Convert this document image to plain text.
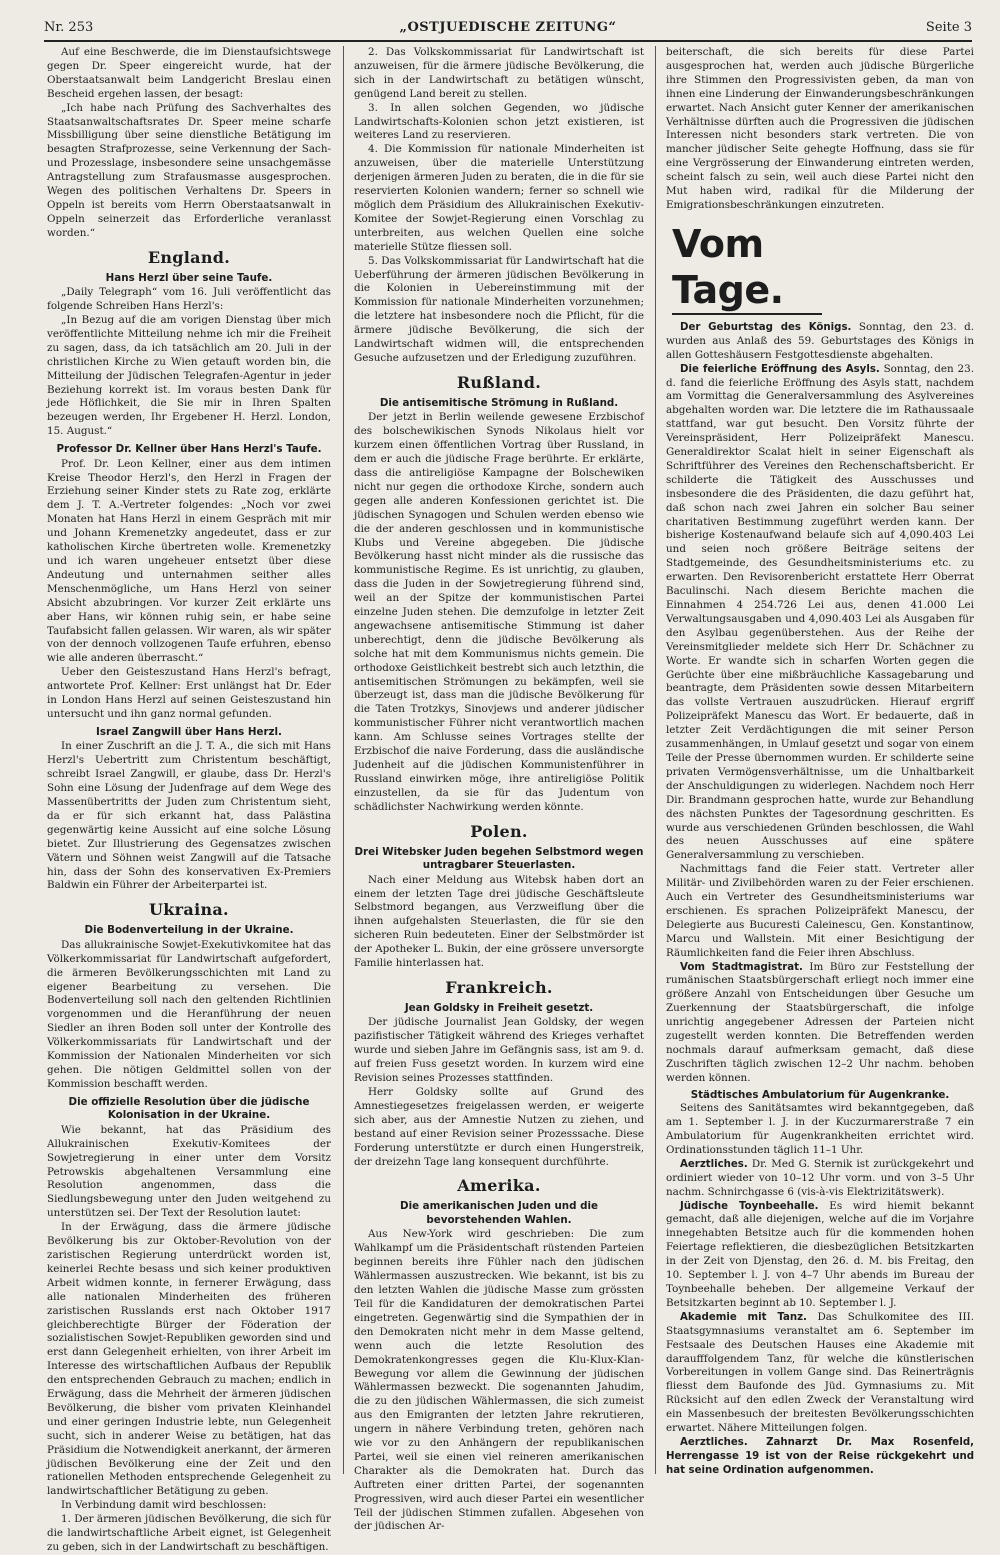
Nr. 253	„OSTJUEDISCHE ZEITUNG“	Seite 3

Auf eine Beschwerde, die im Dienstaufsichtswege gegen Dr. Speer eingereicht wurde, hat der Oberstaatsanwalt beim Landgericht Breslau einen Bescheid ergehen lassen, der besagt:

„Ich habe nach Prüfung des Sachverhaltes des Staatsanwaltschaftsrates Dr. Speer meine scharfe Missbilligung über seine dienstliche Betätigung im besagten Strafprozesse, seine Verkennung der Sach- und Prozesslage, insbesondere seine unsachgemässe Antragstellung zum Strafausmasse ausgesprochen. Wegen des politischen Verhaltens Dr. Speers in Oppeln ist bereits vom Herrn Oberstaatsanwalt in Oppeln seinerzeit das Erforderliche veranlasst worden.“

England.
Hans Herzl über seine Taufe.

„Daily Telegraph“ vom 16. Juli veröffentlicht das folgende Schreiben Hans Herzl's:

„In Bezug auf die am vorigen Dienstag über mich veröffentlichte Mitteilung nehme ich mir die Freiheit zu sagen, dass, da ich tatsächlich am 20. Juli in der christlichen Kirche zu Wien getauft worden bin, die Mitteilung der Jüdischen Telegrafen-Agentur in jeder Beziehung korrekt ist. Im voraus besten Dank für jede Höflichkeit, die Sie mir in Ihren Spalten bezeugen werden, Ihr Ergebener H. Herzl. London, 15. August.“

Professor Dr. Kellner über Hans Herzl's Taufe.

Prof. Dr. Leon Kellner, einer aus dem intimen Kreise Theodor Herzl's, den Herzl in Fragen der Erziehung seiner Kinder stets zu Rate zog, erklärte dem J. T. A.-Vertreter folgendes: „Noch vor zwei Monaten hat Hans Herzl in einem Gespräch mit mir und Johann Kremenetzky angedeutet, dass er zur katholischen Kirche übertreten wolle. Kremenetzky und ich waren ungeheuer entsetzt über diese Andeutung und unternahmen seither alles Menschenmögliche, um Hans Herzl von seiner Absicht abzubringen. Vor kurzer Zeit erklärte uns aber Hans, wir können ruhig sein, er habe seine Taufabsicht fallen gelassen. Wir waren, als wir später von der dennoch vollzogenen Taufe erfuhren, ebenso wie alle anderen überrascht.“

Ueber den Geisteszustand Hans Herzl's befragt, antwortete Prof. Kellner: Erst unlängst hat Dr. Eder in London Hans Herzl auf seinen Geisteszustand hin untersucht und ihn ganz normal gefunden.

Israel Zangwill über Hans Herzl.

In einer Zuschrift an die J. T. A., die sich mit Hans Herzl's Uebertritt zum Christentum beschäftigt, schreibt Israel Zangwill, er glaube, dass Dr. Herzl's Sohn eine Lösung der Judenfrage auf dem Wege des Massenübertritts der Juden zum Christentum sieht, da er für sich erkannt hat, dass Palästina gegenwärtig keine Aussicht auf eine solche Lösung bietet. Zur Illustrierung des Gegensatzes zwischen Vätern und Söhnen weist Zangwill auf die Tatsache hin, dass der Sohn des konservativen Ex-Premiers Baldwin ein Führer der Arbeiterpartei ist.

Ukraina.
Die Bodenverteilung in der Ukraine.

Das allukrainische Sowjet-Exekutivkomitee hat das Völkerkommissariat für Landwirtschaft aufgefordert, die ärmeren Bevölkerungsschichten mit Land zu eigener Bearbeitung zu versehen. Die Bodenverteilung soll nach den geltenden Richtlinien vorgenommen und die Heranführung der neuen Siedler an ihren Boden soll unter der Kontrolle des Völkerkommissariats für Landwirtschaft und der Kommission der Nationalen Minderheiten vor sich gehen. Die nötigen Geldmittel sollen von der Kommission beschafft werden.

Die offizielle Resolution über die jüdische Kolonisation in der Ukraine.

Wie bekannt, hat das Präsidium des Allukrainischen Exekutiv-Komitees der Sowjetregierung in einer unter dem Vorsitz Petrowskis abgehaltenen Versammlung eine Resolution angenommen, dass die Siedlungsbewegung unter den Juden weitgehend zu unterstützen sei. Der Text der Resolution lautet:

In der Erwägung, dass die ärmere jüdische Bevölkerung bis zur Oktober-Revolution von der zaristischen Regierung unterdrückt worden ist, keinerlei Rechte besass und sich keiner produktiven Arbeit widmen konnte, in fernerer Erwägung, dass alle nationalen Minderheiten des früheren zaristischen Russlands erst nach Oktober 1917 gleichberechtigte Bürger der Föderation der sozialistischen Sowjet-Republiken geworden sind und erst dann Gelegenheit erhielten, von ihrer Arbeit im Interesse des wirtschaftlichen Aufbaus der Republik den entsprechenden Gebrauch zu machen; endlich in Erwägung, dass die Mehrheit der ärmeren jüdischen Bevölkerung, die bisher vom privaten Kleinhandel und einer geringen Industrie lebte, nun Gelegenheit sucht, sich in anderer Weise zu betätigen, hat das Präsidium die Notwendigkeit anerkannt, der ärmeren jüdischen Bevölkerung eine der Zeit und den rationellen Methoden entsprechende Gelegenheit zu landwirtschaftlicher Betätigung zu geben.

In Verbindung damit wird beschlossen:

1. Der ärmeren jüdischen Bevölkerung, die sich für die landwirtschaftliche Arbeit eignet, ist Gelegenheit zu geben, sich in der Landwirtschaft zu beschäftigen.

2. Das Volkskommissariat für Landwirtschaft ist anzuweisen, für die ärmere jüdische Bevölkerung, die sich in der Landwirtschaft zu betätigen wünscht, genügend Land bereit zu stellen.

3. In allen solchen Gegenden, wo jüdische Landwirtschafts-Kolonien schon jetzt existieren, ist weiteres Land zu reservieren.

4. Die Kommission für nationale Minderheiten ist anzuweisen, über die materielle Unterstützung derjenigen ärmeren Juden zu beraten, die in die für sie reservierten Kolonien wandern; ferner so schnell wie möglich dem Präsidium des Allukrainischen Exekutiv-Komitee der Sowjet-Regierung einen Vorschlag zu unterbreiten, aus welchen Quellen eine solche materielle Stütze fliessen soll.

5. Das Volkskommissariat für Landwirtschaft hat die Ueberführung der ärmeren jüdischen Bevölkerung in die Kolonien in Uebereinstimmung mit der Kommission für nationale Minderheiten vorzunehmen; die letztere hat insbesondere noch die Pflicht, für die ärmere jüdische Bevölkerung, die sich der Landwirtschaft widmen will, die entsprechenden Gesuche aufzusetzen und der Erledigung zuzuführen.

Rußland.
Die antisemitische Strömung in Rußland.

Der jetzt in Berlin weilende gewesene Erzbischof des bolschewikischen Synods Nikolaus hielt vor kurzem einen öffentlichen Vortrag über Russland, in dem er auch die jüdische Frage berührte. Er erklärte, dass die antireligiöse Kampagne der Bolschewiken nicht nur gegen die orthodoxe Kirche, sondern auch gegen alle anderen Konfessionen gerichtet ist. Die jüdischen Synagogen und Schulen werden ebenso wie die der anderen geschlossen und in kommunistische Klubs und Vereine abgegeben. Die jüdische Bevölkerung hasst nicht minder als die russische das kommunistische Regime. Es ist unrichtig, zu glauben, dass die Juden in der Sowjetregierung führend sind, weil an der Spitze der kommunistischen Partei einzelne Juden stehen. Die demzufolge in letzter Zeit angewachsene antisemitische Stimmung ist daher unberechtigt, denn die jüdische Bevölkerung als solche hat mit dem Kommunismus nichts gemein. Die orthodoxe Geistlichkeit bestrebt sich auch letzthin, die antisemitischen Strömungen zu bekämpfen, weil sie überzeugt ist, dass man die jüdische Bevölkerung für die Taten Trotzkys, Sinovjews und anderer jüdischer kommunistischer Führer nicht verantwortlich machen kann. Am Schlusse seines Vortrages stellte der Erzbischof die naive Forderung, dass die ausländische Judenheit auf die jüdischen Kommunistenführer in Russland einwirken möge, ihre antireligiöse Politik einzustellen, da sie für das Judentum von schädlichster Nachwirkung werden könnte.

Polen.
Drei Witebsker Juden begehen Selbstmord wegen untragbarer Steuerlasten.

Nach einer Meldung aus Witebsk haben dort an einem der letzten Tage drei jüdische Geschäftsleute Selbstmord begangen, aus Verzweiflung über die ihnen aufgehalsten Steuerlasten, die für sie den sicheren Ruin bedeuteten. Einer der Selbstmörder ist der Apotheker L. Bukin, der eine grössere unversorgte Familie hinterlassen hat.

Frankreich.
Jean Goldsky in Freiheit gesetzt.

Der jüdische Journalist Jean Goldsky, der wegen pazifistischer Tätigkeit während des Krieges verhaftet wurde und sieben Jahre im Gefängnis sass, ist am 9. d. auf freien Fuss gesetzt worden. In kurzem wird eine Revision seines Prozesses stattfinden.

Herr Goldsky sollte auf Grund des Amnestiegesetzes freigelassen werden, er weigerte sich aber, aus der Amnestie Nutzen zu ziehen, und bestand auf einer Revision seiner Prozesssache. Diese Forderung unterstützte er durch einen Hungerstreik, der dreizehn Tage lang konsequent durchführte.

Amerika.
Die amerikanischen Juden und die bevorstehenden Wahlen.

Aus New-York wird geschrieben: Die zum Wahlkampf um die Präsidentschaft rüstenden Parteien beginnen bereits ihre Fühler nach den jüdischen Wählermassen auszustrecken. Wie bekannt, ist bis zu den letzten Wahlen die jüdische Masse zum grössten Teil für die Kandidaturen der demokratischen Partei eingetreten. Gegenwärtig sind die Sympathien der in den Demokraten nicht mehr in dem Masse geltend, wenn auch die letzte Resolution des Demokratenkongresses gegen die Klu-Klux-Klan-Bewegung vor allem die Gewinnung der jüdischen Wählermassen bezweckt. Die sogenannten Jahudim, die zu den jüdischen Wählermassen, die sich zumeist aus den Emigranten der letzten Jahre rekrutieren, ungern in nähere Verbindung treten, gehören nach wie vor zu den Anhängern der republikanischen Partei, weil sie einen viel reineren amerikanischen Charakter als die Demokraten hat. Durch das Auftreten einer dritten Partei, der sogenannten Progressiven, wird auch dieser Partei ein wesentlicher Teil der jüdischen Stimmen zufallen. Abgesehen von der jüdischen Ar-

beiterschaft, die sich bereits für diese Partei ausgesprochen hat, werden auch jüdische Bürgerliche ihre Stimmen den Progressivisten geben, da man von ihnen eine Linderung der Einwanderungsbeschränkungen erwartet. Nach Ansicht guter Kenner der amerikanischen Verhältnisse dürften auch die Progressiven die jüdischen Interessen nicht besonders stark vertreten. Die von mancher jüdischer Seite gehegte Hoffnung, dass sie für eine Vergrösserung der Einwanderung eintreten werden, scheint falsch zu sein, weil auch diese Partei nicht den Mut haben wird, radikal für die Milderung der Emigrationsbeschränkungen einzutreten.

Vom Tage.

Der Geburtstag des Königs. Sonntag, den 23. d. wurden aus Anlaß des 59. Geburtstages des Königs in allen Gotteshäusern Festgottesdienste abgehalten.

Die feierliche Eröffnung des Asyls. Sonntag, den 23. d. fand die feierliche Eröffnung des Asyls statt, nachdem am Vormittag die Generalversammlung des Asylvereines abgehalten worden war. Die letztere die im Rathaussaale stattfand, war gut besucht. Den Vorsitz führte der Vereinspräsident, Herr Polizeipräfekt Manescu. Generaldirektor Scalat hielt in seiner Eigenschaft als Schriftführer des Vereines den Rechenschaftsbericht. Er schilderte die Tätigkeit des Ausschusses und insbesondere die des Präsidenten, die dazu geführt hat, daß schon nach zwei Jahren ein solcher Bau seiner charitativen Bestimmung zugeführt werden kann. Der bisherige Kostenaufwand belaufe sich auf 4,090.403 Lei und seien noch größere Beiträge seitens der Stadtgemeinde, des Gesundheitsministeriums etc. zu erwarten. Den Revisorenbericht erstattete Herr Oberrat Baculinschi. Nach diesem Berichte machen die Einnahmen 4 254.726 Lei aus, denen 41.000 Lei Verwaltungsausgaben und 4,090.403 Lei als Ausgaben für den Asylbau gegenüberstehen. Aus der Reihe der Vereinsmitglieder meldete sich Herr Dr. Schächner zu Worte. Er wandte sich in scharfen Worten gegen die Gerüchte über eine mißbräuchliche Kassagebarung und beantragte, dem Präsidenten sowie dessen Mitarbeitern das vollste Vertrauen auszudrücken. Hierauf ergriff Polizeipräfekt Manescu das Wort. Er bedauerte, daß in letzter Zeit Verdächtigungen die mit seiner Person zusammenhängen, in Umlauf gesetzt und sogar von einem Teile der Presse übernommen wurden. Er schilderte seine privaten Vermögensverhältnisse, um die Unhaltbarkeit der Anschuldigungen zu widerlegen. Nachdem noch Herr Dir. Brandmann gesprochen hatte, wurde zur Behandlung des nächsten Punktes der Tagesordnung geschritten. Es wurde aus verschiedenen Gründen beschlossen, die Wahl des neuen Ausschusses auf eine spätere Generalversammlung zu verschieben.

Nachmittags fand die Feier statt. Vertreter aller Militär- und Zivilbehörden waren zu der Feier erschienen. Auch ein Vertreter des Gesundheitsministeriums war erschienen. Es sprachen Polizeipräfekt Manescu, der Delegierte aus Bucuresti Caleinescu, Gen. Konstantinow, Marcu und Wallstein. Mit einer Besichtigung der Räumlichkeiten fand die Feier ihren Abschluss.

Vom Stadtmagistrat. Im Büro zur Feststellung der rumänischen Staatsbürgerschaft erliegt noch immer eine größere Anzahl von Entscheidungen über Gesuche um Zuerkennung der Staatsbürgerschaft, die infolge unrichtig angegebener Adressen der Parteien nicht zugestellt werden konnten. Die Betreffenden werden nochmals darauf aufmerksam gemacht, daß diese Zuschriften täglich zwischen 12–2 Uhr nachm. behoben werden können.

Städtisches Ambulatorium für Augenkranke.

Seitens des Sanitätsamtes wird bekanntgegeben, daß am 1. September l. J. in der Kuczurmarerstraße 7 ein Ambulatorium für Augenkrankheiten errichtet wird. Ordinationsstunden täglich 11–1 Uhr.

Aerztliches. Dr. Med G. Sternik ist zurückgekehrt und ordiniert wieder von 10–12 Uhr vorm. und von 3–5 Uhr nachm. Schnirchgasse 6 (vis-à-vis Elektrizitätswerk).

Jüdische Toynbeehalle. Es wird hiemit bekannt gemacht, daß alle diejenigen, welche auf die im Vorjahre innegehabten Betsitze auch für die kommenden hohen Feiertage reflektieren, die diesbezüglichen Betsitzkarten in der Zeit von Djenstag, den 26. d. M. bis Freitag, den 10. September l. J. von 4–7 Uhr abends im Bureau der Toynbeehalle beheben. Der allgemeine Verkauf der Betsitzkarten beginnt ab 10. September l. J.

Akademie mit Tanz. Das Schulkomitee des III. Staatsgymnasiums veranstaltet am 6. September im Festsaale des Deutschen Hauses eine Akademie mit daraufffolgendem Tanz, für welche die künstlerischen Vorbereitungen in vollem Gange sind. Das Reinerträgnis fliesst dem Baufonde des Jüd. Gymnasiums zu. Mit Rücksicht auf den edlen Zweck der Veranstaltung wird ein Massenbesuch der breitesten Bevölkerungsschichten erwartet. Nähere Mitteilungen folgen.

Aerztliches. Zahnarzt Dr. Max Rosenfeld, Herrengasse 19 ist von der Reise rückgekehrt und hat seine Ordination aufgenommen.
